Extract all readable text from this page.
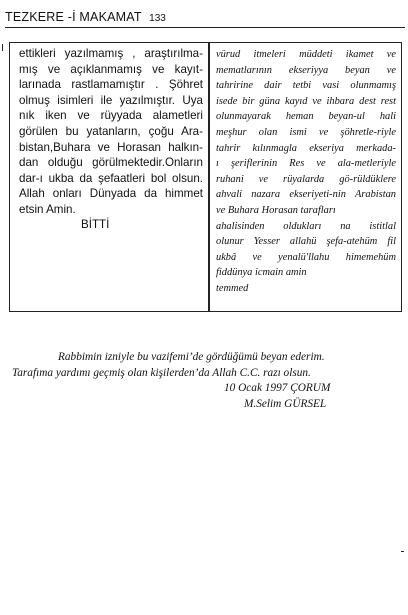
TEZKERE -İ MAKAMAT 133
ettikleri yazılmamış , araştırılma-
mış ve açıklanmamış ve kayıt-
larınada rastlamamıştır . Şöhret
olmuş isimleri ile yazılmıştır. Uya
nık iken ve rüyyada alametleri
görülen bu yatanların, çoğu Ara-
bistan,Buhara ve Horasan halkın-
dan olduğu görülmektedir.Onların
dar-ı ukba da şefaatleri bol olsun.
Allah onları Dünyada da himmet
etsin Amin.
BİTTİ
vürud itmeleri müddeti ikamet ve
mematlarının ekseriyya beyan ve
tahririne dair tetbi vasi olunmamış
isede bir güna kayıd ve ihbara dest rest
olunmayarak heman beyan-ul hali
meşhur olan ismi ve şöhretle-riyle
tahrir kılınmagla ekseriya merkada-
ı şeriflerinin Res ve ala-metleriyle
ruhani ve rüyalarda gö-rüldüklere
ahvali nazara ekseriyeti-nin Arabistan
ve Buhara Horasan tarafları
ahalisinden oldukları na istitlal
olunur Yesser allahü şefa-atehüm fil
ukbâ ve yenalü'llahu himemehüm
fiddünya icmain amin
temmed
Rabbimin izniyle bu vazifemi’de gördüğümü beyan ederim.
Tarafıma yardımı geçmiş olan kişilerden’da Allah C.C. razı olsun.
10 Ocak 1997 ÇORUM
M.Selim GÜRSEL
